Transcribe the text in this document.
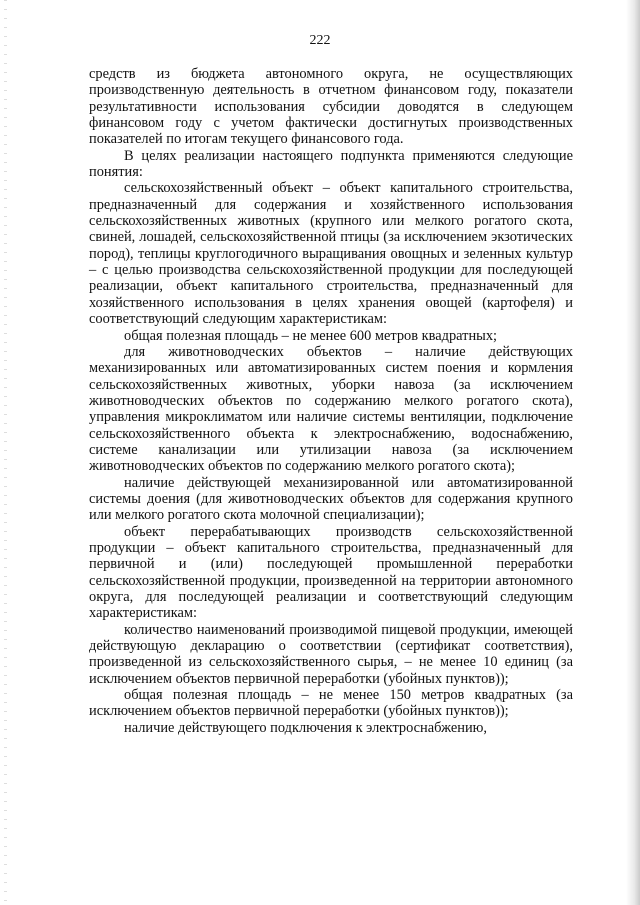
222

средств из бюджета автономного округа, не осуществляющих производственную деятельность в отчетном финансовом году, показатели результативности использования субсидии доводятся в следующем финансовом году с учетом фактически достигнутых производственных показателей по итогам текущего финансового года.

В целях реализации настоящего подпункта применяются следующие понятия:

сельскохозяйственный объект – объект капитального строительства, предназначенный для содержания и хозяйственного использования сельскохозяйственных животных (крупного или мелкого рогатого скота, свиней, лошадей, сельскохозяйственной птицы (за исключением экзотических пород), теплицы круглогодичного выращивания овощных и зеленных культур – с целью производства сельскохозяйственной продукции для последующей реализации, объект капитального строительства, предназначенный для хозяйственного использования в целях хранения овощей (картофеля) и соответствующий следующим характеристикам:

общая полезная площадь – не менее 600 метров квадратных;

для животноводческих объектов – наличие действующих механизированных или автоматизированных систем поения и кормления сельскохозяйственных животных, уборки навоза (за исключением животноводческих объектов по содержанию мелкого рогатого скота), управления микроклиматом или наличие системы вентиляции, подключение сельскохозяйственного объекта к электроснабжению, водоснабжению, системе канализации или утилизации навоза (за исключением животноводческих объектов по содержанию мелкого рогатого скота);

наличие действующей механизированной или автоматизированной системы доения (для животноводческих объектов для содержания крупного или мелкого рогатого скота молочной специализации);

объект перерабатывающих производств сельскохозяйственной продукции – объект капитального строительства, предназначенный для первичной и (или) последующей промышленной переработки сельскохозяйственной продукции, произведенной на территории автономного округа, для последующей реализации и соответствующий следующим характеристикам:

количество наименований производимой пищевой продукции, имеющей действующую декларацию о соответствии (сертификат соответствия), произведенной из сельскохозяйственного сырья, – не менее 10 единиц (за исключением объектов первичной переработки (убойных пунктов));

общая полезная площадь – не менее 150 метров квадратных (за исключением объектов первичной переработки (убойных пунктов));

наличие действующего подключения к электроснабжению,
